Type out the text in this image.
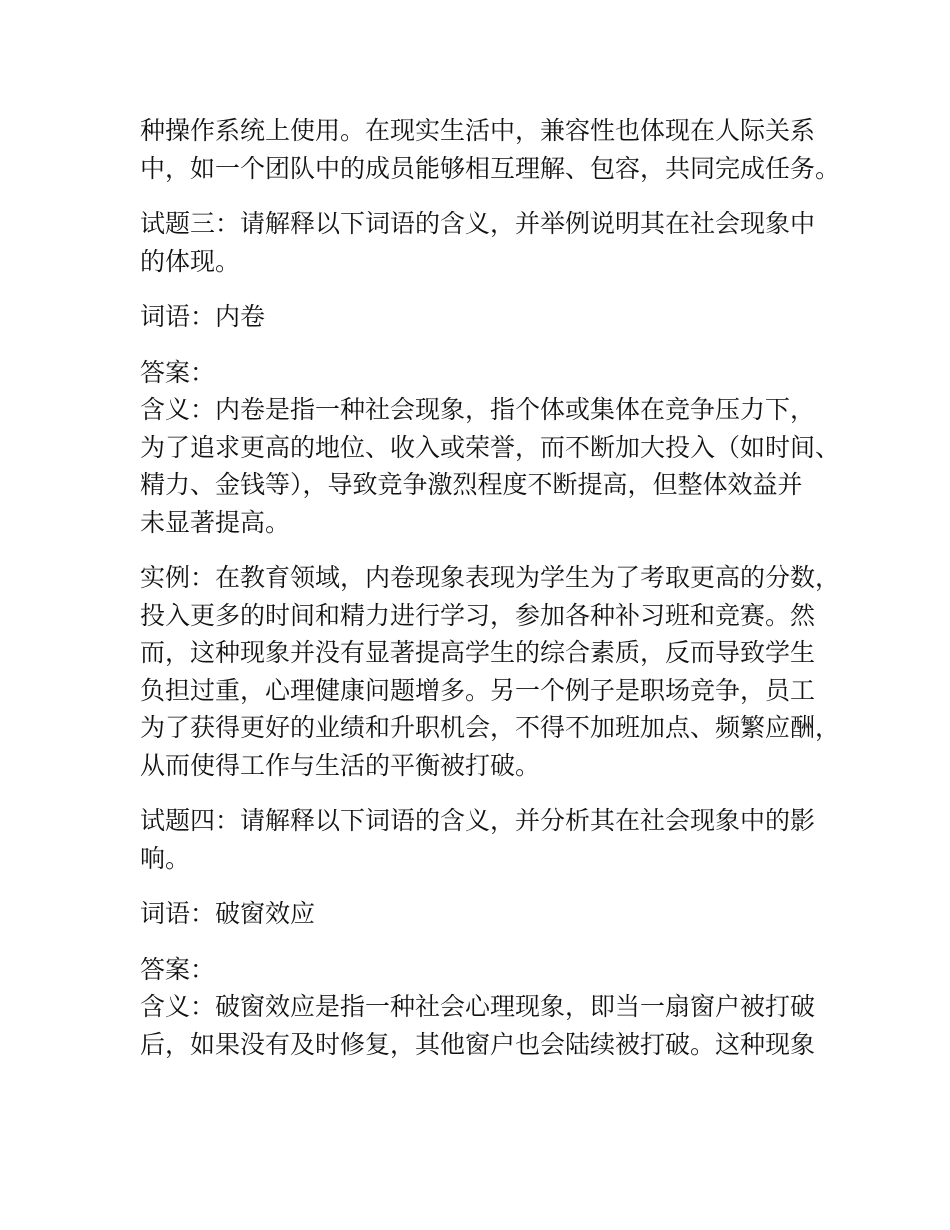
种操作系统上使用。在现实生活中，兼容性也体现在人际关系
中，如一个团队中的成员能够相互理解、包容，共同完成任务。
试题三：请解释以下词语的含义，并举例说明其在社会现象中
的体现。
词语：内卷
答案：
含义：内卷是指一种社会现象，指个体或集体在竞争压力下，
为了追求更高的地位、收入或荣誉，而不断加大投入（如时间、
精力、金钱等），导致竞争激烈程度不断提高，但整体效益并
未显著提高。
实例：在教育领域，内卷现象表现为学生为了考取更高的分数，
投入更多的时间和精力进行学习，参加各种补习班和竞赛。然
而，这种现象并没有显著提高学生的综合素质，反而导致学生
负担过重，心理健康问题增多。另一个例子是职场竞争，员工
为了获得更好的业绩和升职机会，不得不加班加点、频繁应酬，
从而使得工作与生活的平衡被打破。
试题四：请解释以下词语的含义，并分析其在社会现象中的影
响。
词语：破窗效应
答案：
含义：破窗效应是指一种社会心理现象，即当一扇窗户被打破
后，如果没有及时修复，其他窗户也会陆续被打破。这种现象
